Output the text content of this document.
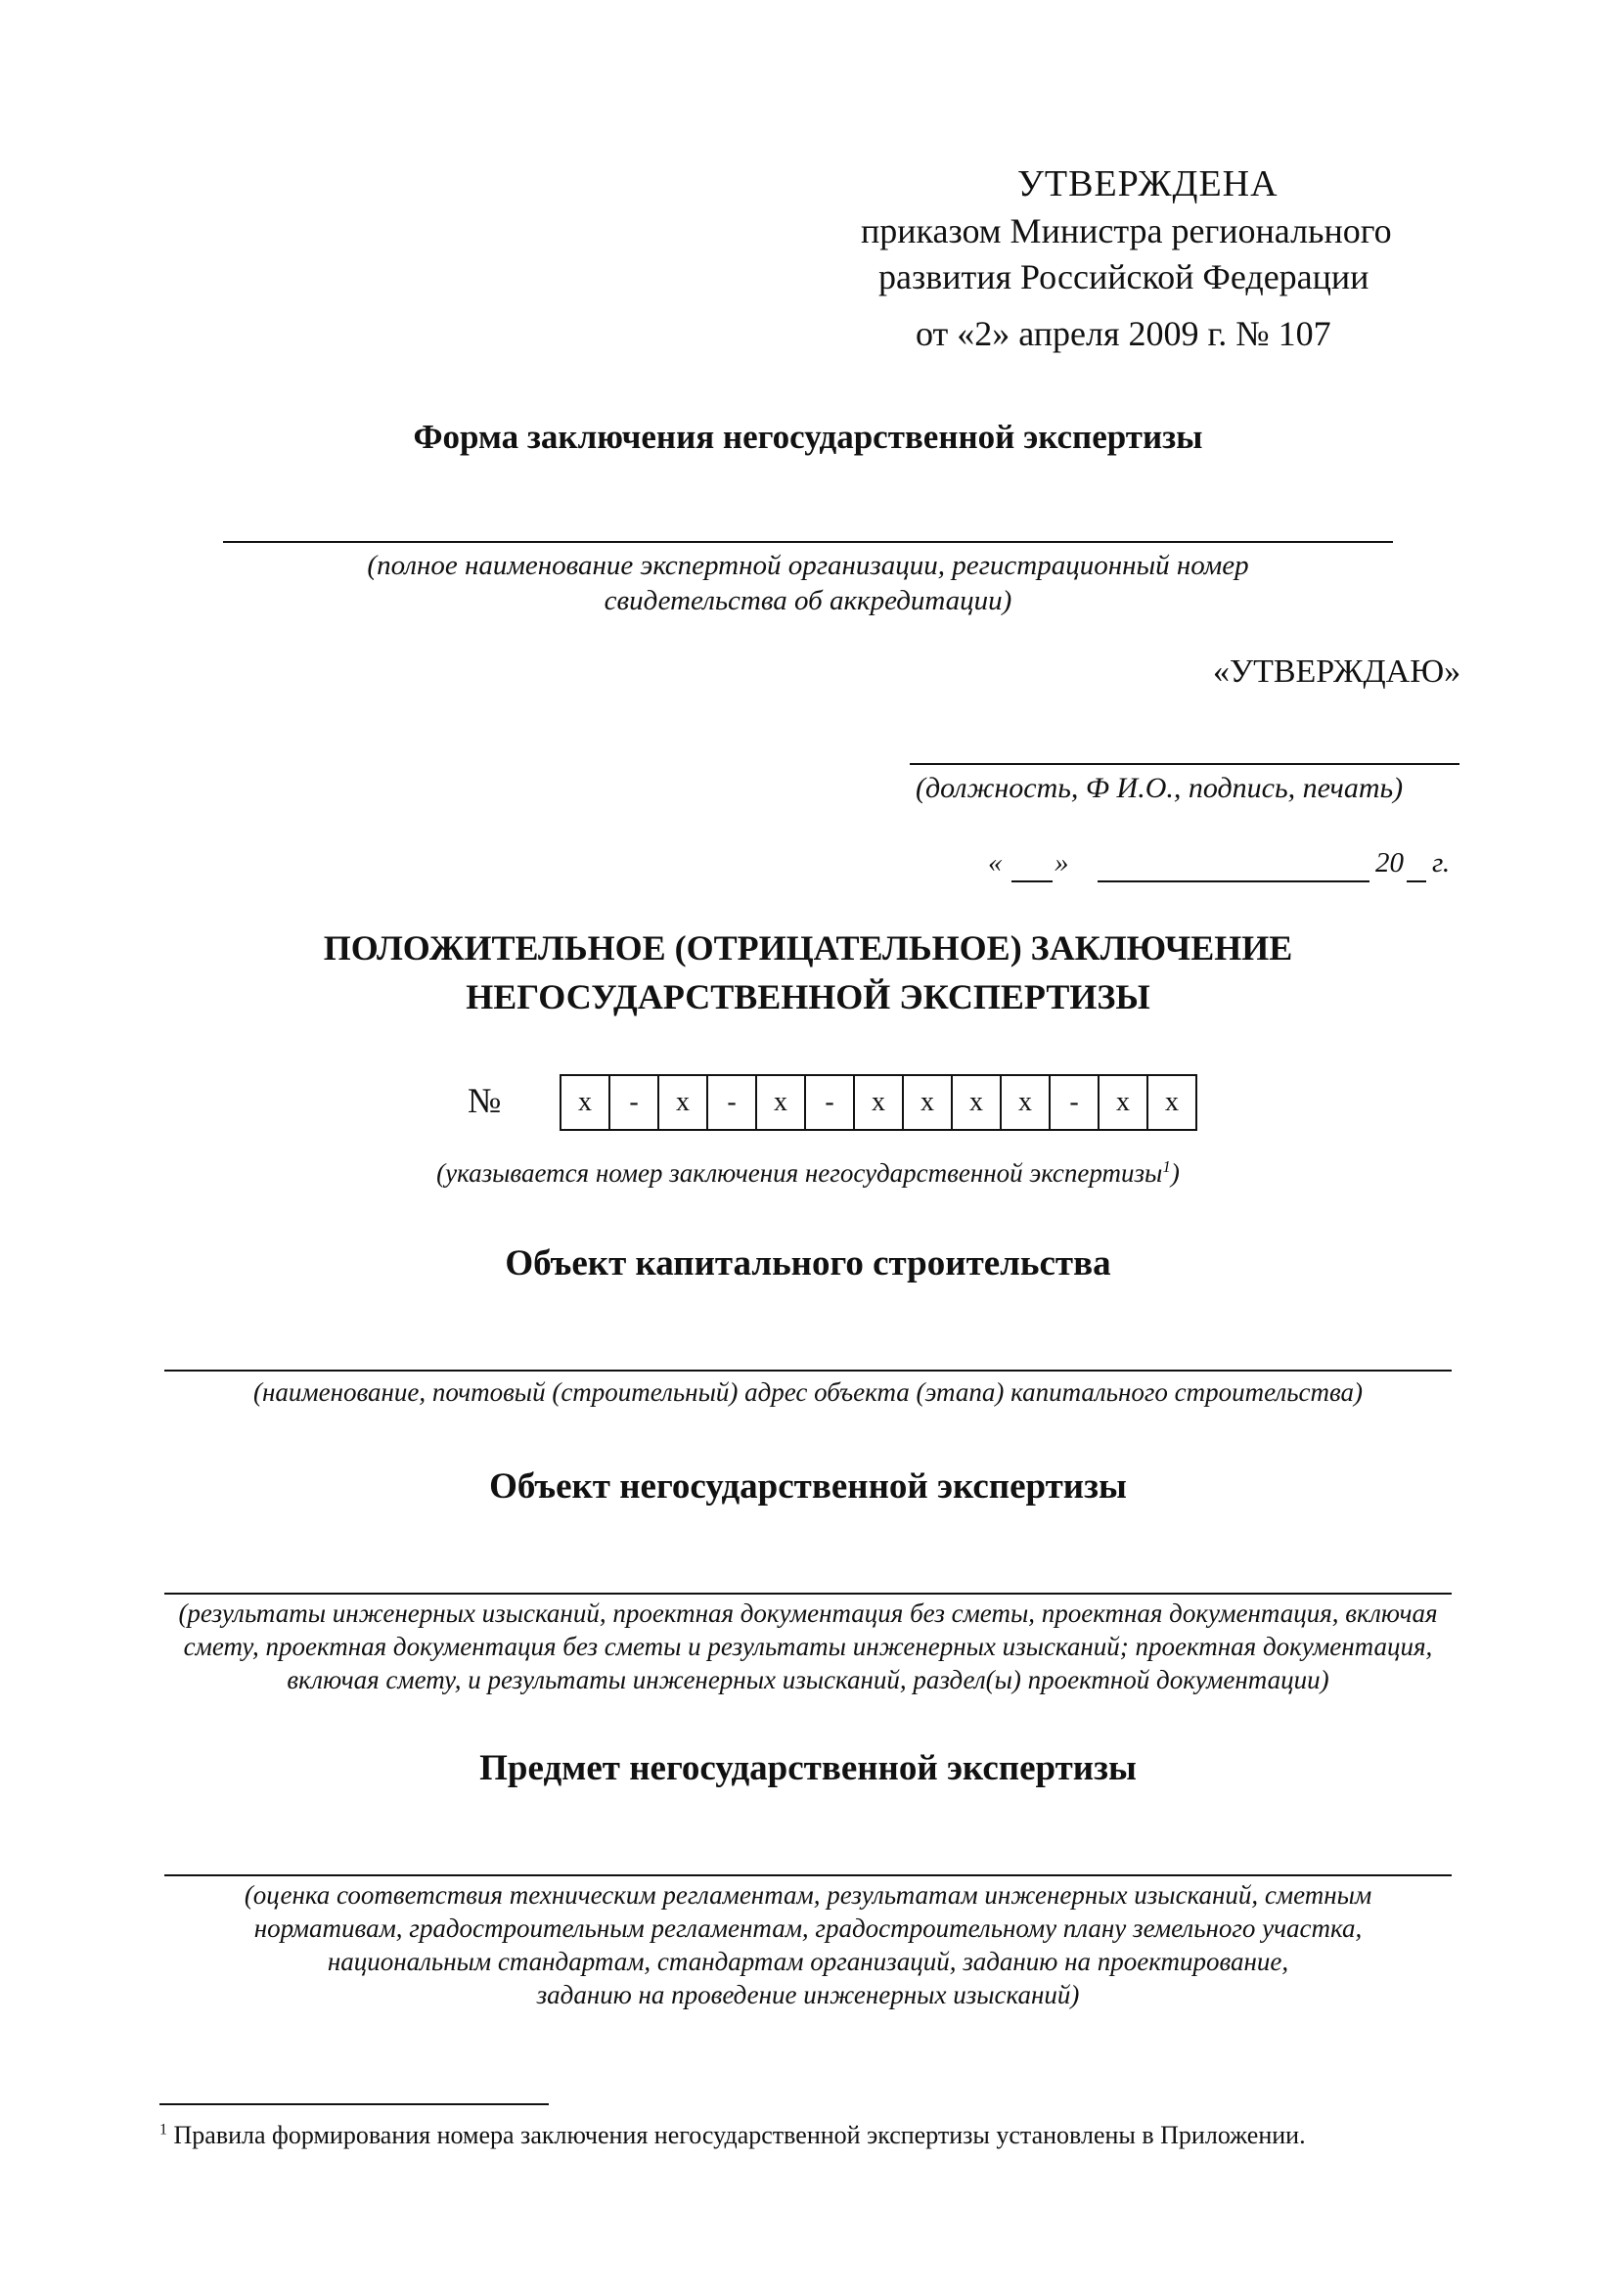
УТВЕРЖДЕНА
приказом Министра регионального
развития Российской Федерации
от «2» апреля 2009 г. № 107
Форма заключения негосударственной экспертизы
(полное наименование экспертной организации, регистрационный номер
свидетельства об аккредитации)
«УТВЕРЖДАЮ»
(должность, Ф И.О., подпись, печать)
« »	20 г.
ПОЛОЖИТЕЛЬНОЕ (ОТРИЦАТЕЛЬНОЕ) ЗАКЛЮЧЕНИЕ
НЕГОСУДАРСТВЕННОЙ ЭКСПЕРТИЗЫ
№	x	-	x	-	x	-	x	x	x	x	-	x	x
(указывается номер заключения негосударственной экспертизы$^1$)
Объект капитального строительства
(наименование, почтовый (строительный) адрес объекта (этапа) капитального строительства)
Объект негосударственной экспертизы
(результаты инженерных изысканий, проектная документация без сметы, проектная документация, включая
смету, проектная документация без сметы и результаты инженерных изысканий; проектная документация,
включая смету, и результаты инженерных изысканий, раздел(ы) проектной документации)
Предмет негосударственной экспертизы
(оценка соответствия техническим регламентам, результатам инженерных изысканий, сметным
нормативам, градостроительным регламентам, градостроительному плану земельного участка,
национальным стандартам, стандартам организаций, заданию на проектирование,
заданию на проведение инженерных изысканий)
$^1$ Правила формирования номера заключения негосударственной экспертизы установлены в Приложении.
